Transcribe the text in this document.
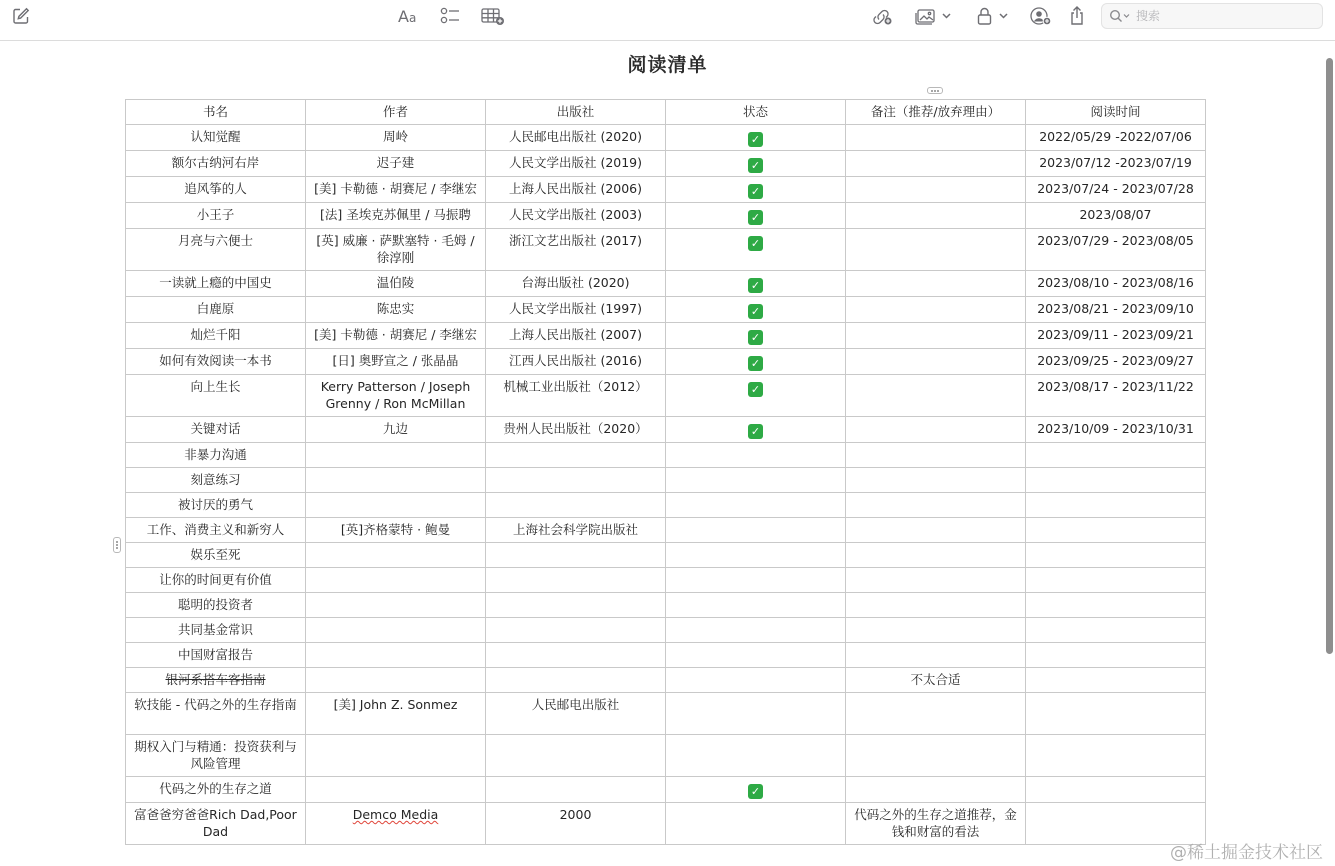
A a
搜索
阅读清单
书名	作者	出版社	状态	备注（推荐/放弃理由）	阅读时间
认知觉醒	周岭	人民邮电出版社 (2020)	✓		2022/05/29 -2022/07/06
额尔古纳河右岸	迟子建	人民文学出版社 (2019)	✓		2023/07/12 -2023/07/19
追风筝的人	[美] 卡勒德 · 胡赛尼 / 李继宏	上海人民出版社 (2006)	✓		2023/07/24 - 2023/07/28
小王子	[法] 圣埃克苏佩里 / 马振聘	人民文学出版社 (2003)	✓		2023/08/07
月亮与六便士	[英] 威廉 · 萨默塞特 · 毛姆 / 徐淳刚	浙江文艺出版社 (2017)	✓		2023/07/29 - 2023/08/05
一读就上瘾的中国史	温伯陵	台海出版社 (2020)	✓		2023/08/10 - 2023/08/16
白鹿原	陈忠实	人民文学出版社 (1997)	✓		2023/08/21 - 2023/09/10
灿烂千阳	[美] 卡勒德 · 胡赛尼 / 李继宏	上海人民出版社 (2007)	✓		2023/09/11 - 2023/09/21
如何有效阅读一本书	[日] 奥野宣之 / 张晶晶	江西人民出版社 (2016)	✓		2023/09/25 - 2023/09/27
向上生长	Kerry Patterson / Joseph Grenny / Ron McMillan	机械工业出版社（2012）	✓		2023/08/17 - 2023/11/22
关键对话	九边	贵州人民出版社（2020）	✓		2023/10/09 - 2023/10/31
非暴力沟通					
刻意练习					
被讨厌的勇气					
工作、消费主义和新穷人	[英]齐格蒙特 · 鲍曼	上海社会科学院出版社			
娱乐至死					
让你的时间更有价值					
聪明的投资者					
共同基金常识					
中国财富报告					
银河系搭车客指南				不太合适	
软技能 - 代码之外的生存指南	[美] John Z. Sonmez	人民邮电出版社			
期权入门与精通：投资获利与风险管理					
代码之外的生存之道			✓		
富爸爸穷爸爸Rich Dad,Poor Dad	Demco Media	2000		代码之外的生存之道推荐，金钱和财富的看法	
@稀土掘金技术社区
